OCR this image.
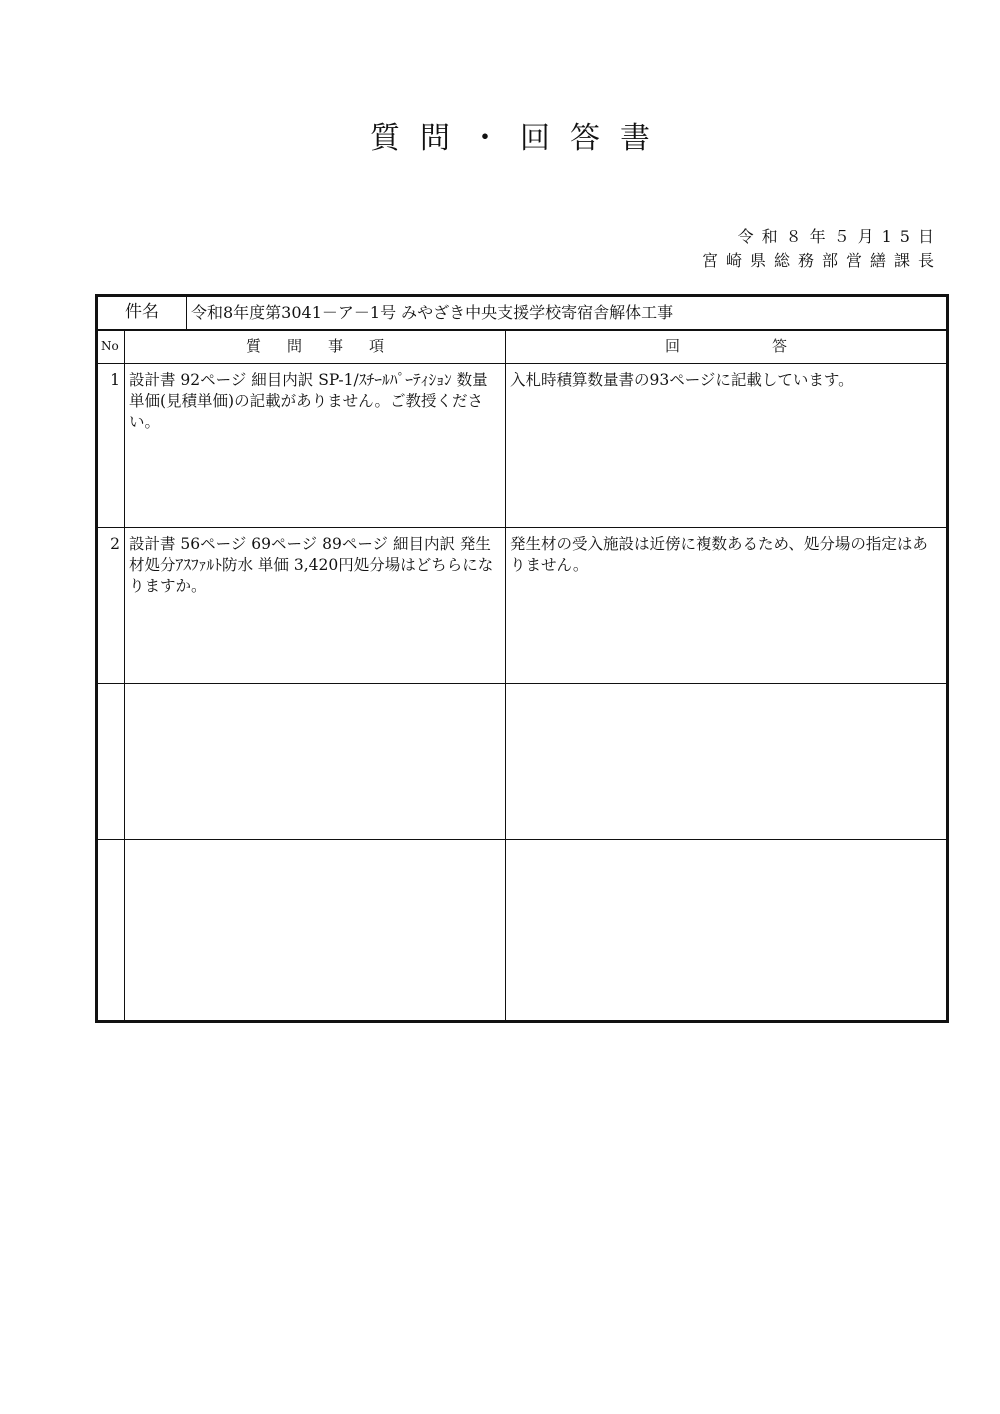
質問・回答書
令和８年５月15日
宮崎県総務部営繕課長
件名		令和8年度第3041－ア－1号 みやざき中央支援学校寄宿舎解体工事	
No	質問事項		回答
1	設計書 92ページ 細目内訳 SP-1/ｽﾁｰﾙﾊﾟｰﾃｨｼｮﾝ 数量 単価(見積単価)の記載がありません。ご教授ください。		入札時積算数量書の93ページに記載しています。
2	設計書 56ページ 69ページ 89ページ 細目内訳 発生材処分ｱｽﾌｧﾙﾄ防水 単価 3,420円処分場はどちらになりますか。		発生材の受入施設は近傍に複数あるため、処分場の指定はありません。
